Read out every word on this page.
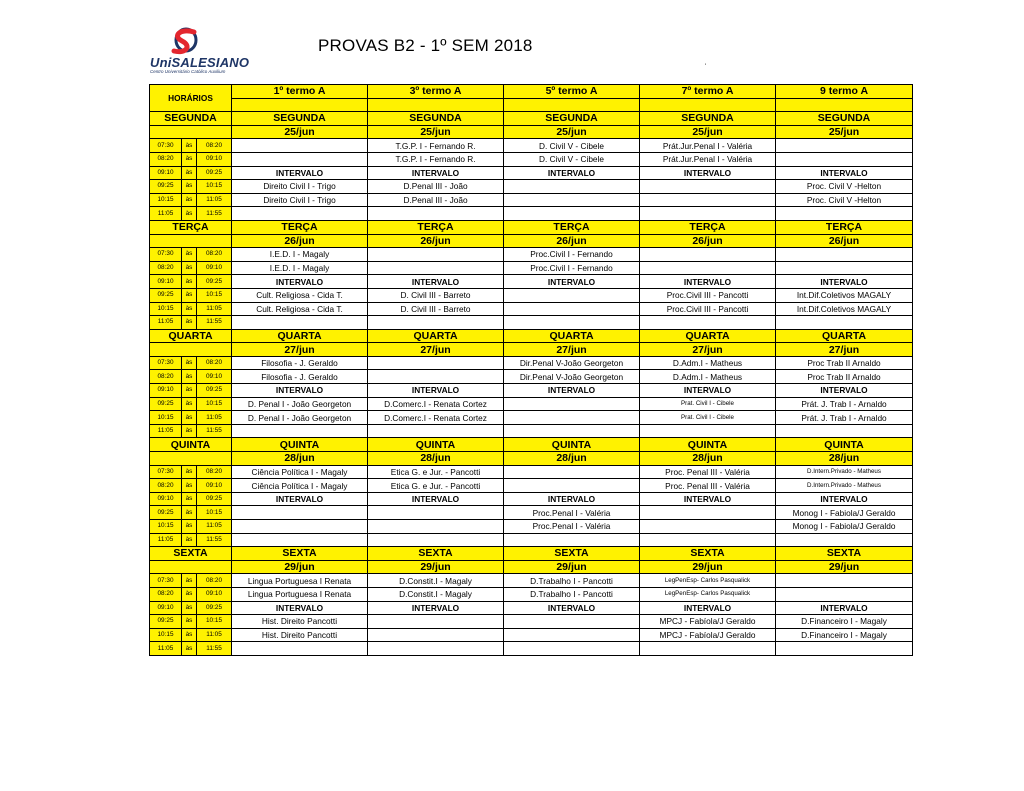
UniSALESIANO
Centro Universitário Católico Auxilium
PROVAS B2 - 1º SEM 2018
'
HORÁRIOS			1º termo A	3º termo A	5º termo A	7º termo A	9 termo A

SEGUNDA			SEGUNDA	SEGUNDA	SEGUNDA	SEGUNDA	SEGUNDA
			25/jun	25/jun	25/jun	25/jun	25/jun
07:30	às	08:20		T.G.P. I - Fernando R.	D. Civil V - Cibele	Prát.Jur.Penal I - Valéria	
08:20	às	09:10		T.G.P. I - Fernando R.	D. Civil V - Cibele	Prát.Jur.Penal I - Valéria	
09:10	às	09:25	INTERVALO	INTERVALO	INTERVALO	INTERVALO	INTERVALO
09:25	às	10:15	Direito Civil I - Trigo	D.Penal III - João			Proc. Civil V -Helton
10:15	às	11:05	Direito Civil I - Trigo	D.Penal III - João			Proc. Civil V -Helton
11:05	às	11:55					
TERÇA			TERÇA	TERÇA	TERÇA	TERÇA	TERÇA
			26/jun	26/jun	26/jun	26/jun	26/jun
07:30	às	08:20	I.E.D. I - Magaly		Proc.Civil I - Fernando		
08:20	às	09:10	I.E.D. I - Magaly		Proc.Civil I - Fernando		
09:10	às	09:25	INTERVALO	INTERVALO	INTERVALO	INTERVALO	INTERVALO
09:25	às	10:15	Cult. Religiosa - Cida T.	D. Civil III - Barreto		Proc.Civil III - Pancotti	Int.Dif.Coletivos MAGALY
10:15	às	11:05	Cult. Religiosa - Cida T.	D. Civil III - Barreto		Proc.Civil III - Pancotti	Int.Dif.Coletivos MAGALY
11:05	às	11:55					
QUARTA			QUARTA	QUARTA	QUARTA	QUARTA	QUARTA
			27/jun	27/jun	27/jun	27/jun	27/jun
07:30	às	08:20	Filosofia - J. Geraldo		Dir.Penal V-João Georgeton	D.Adm.I - Matheus	Proc Trab II Arnaldo
08:20	às	09:10	Filosofia - J. Geraldo		Dir.Penal V-João Georgeton	D.Adm.I - Matheus	Proc Trab II Arnaldo
09:10	às	09:25	INTERVALO	INTERVALO	INTERVALO	INTERVALO	INTERVALO
09:25	às	10:15	D. Penal I - João Georgeton	D.Comerc.I - Renata Cortez		Prat. Civil I - Cibele	Prát. J. Trab I - Arnaldo
10:15	às	11:05	D. Penal I - João Georgeton	D.Comerc.I - Renata Cortez		Prat. Civil I - Cibele	Prát. J. Trab I - Arnaldo
11:05	às	11:55					
QUINTA			QUINTA	QUINTA	QUINTA	QUINTA	QUINTA
			28/jun	28/jun	28/jun	28/jun	28/jun
07:30	às	08:20	Ciência Política I - Magaly	Etica G. e Jur. - Pancotti		Proc. Penal III - Valéria	D.Intern.Privado - Matheus
08:20	às	09:10	Ciência Política I - Magaly	Etica G. e Jur. - Pancotti		Proc. Penal III - Valéria	D.Intern.Privado - Matheus
09:10	às	09:25	INTERVALO	INTERVALO	INTERVALO	INTERVALO	INTERVALO
09:25	às	10:15			Proc.Penal I - Valéria		Monog I - Fabiola/J Geraldo
10:15	às	11:05			Proc.Penal I - Valéria		Monog I - Fabiola/J Geraldo
11:05	às	11:55					
SEXTA			SEXTA	SEXTA	SEXTA	SEXTA	SEXTA
			29/jun	29/jun	29/jun	29/jun	29/jun
07:30	às	08:20	Lingua Portuguesa I Renata	D.Constit.I - Magaly	D.Trabalho I - Pancotti	LegPenEsp- Carlos Pasqualick	
08:20	às	09:10	Lingua Portuguesa I Renata	D.Constit.I - Magaly	D.Trabalho I - Pancotti	LegPenEsp- Carlos Pasqualick	
09:10	às	09:25	INTERVALO	INTERVALO	INTERVALO	INTERVALO	INTERVALO
09:25	às	10:15	Hist. Direito Pancotti			MPCJ - Fabíola/J Geraldo	D.Financeiro I - Magaly
10:15	às	11:05	Hist. Direito Pancotti			MPCJ - Fabíola/J Geraldo	D.Financeiro I - Magaly
11:05	às	11:55					
